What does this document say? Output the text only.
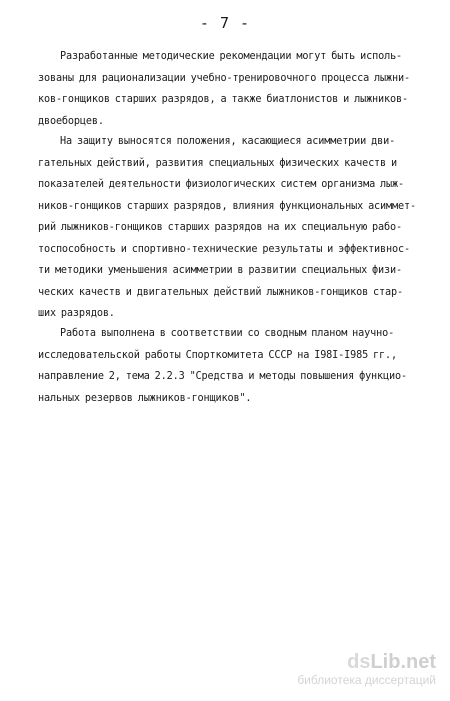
- 7 -
Разработанные методические рекомендации могут быть исполь-
зованы для рационализации учебно-тренировочного процесса лыжни-
ков-гонщиков старших разрядов, а также биатлонистов и лыжников-
двоеборцев.
На защиту выносятся положения, касающиеся асимметрии дви-
гательных действий, развития специальных физических качеств и
показателей деятельности физиологических систем организма лыж-
ников-гонщиков старших разрядов, влияния функциональных асиммет-
рий лыжников-гонщиков старших разрядов на их специальную рабо-
тоспособность и спортивно-технические результаты и эффективнос-
ти методики уменьшения асимметрии в развитии специальных физи-
ческих качеств и двигательных действий лыжников-гонщиков стар-
ших разрядов.
Работа выполнена в соответствии со сводным планом научно-
исследовательской работы Спорткомитета СССР на I98I-I985 гг.,
направление 2, тема 2.2.3 "Средства и методы повышения функцио-
нальных резервов лыжников-гонщиков".
dsLib.net
библиотека диссертаций
